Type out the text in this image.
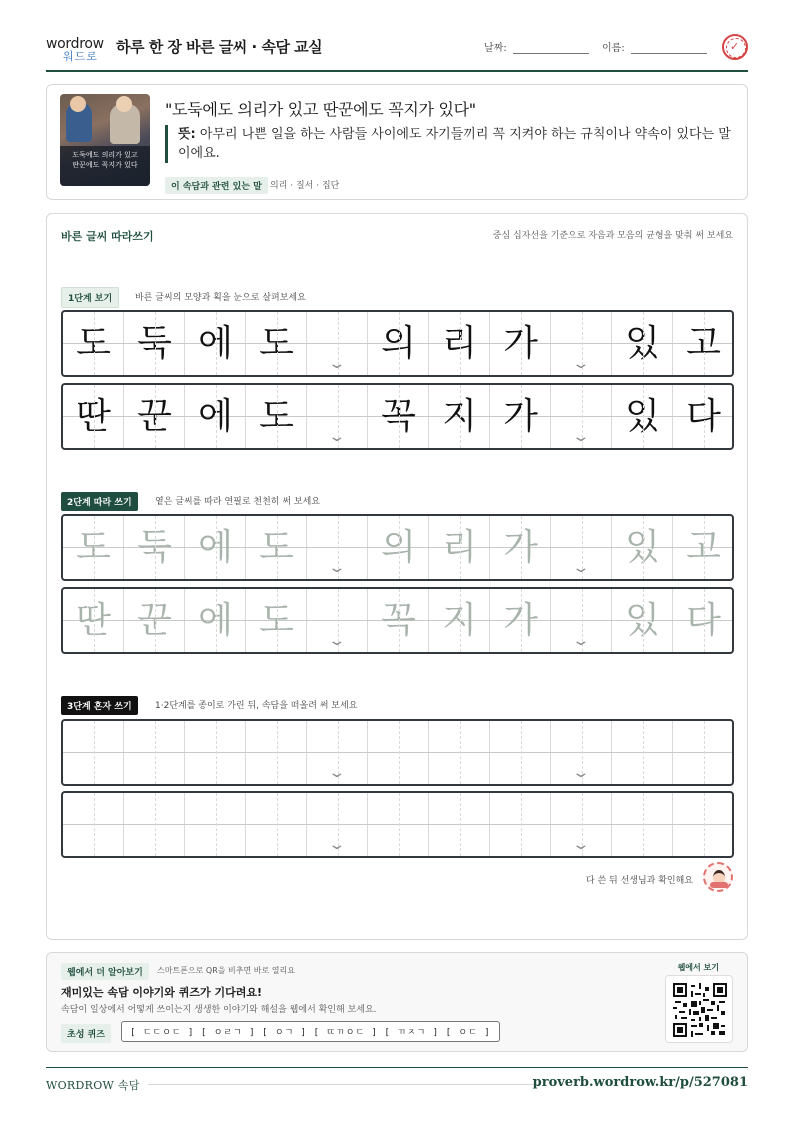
wordrow
워드로
하루 한 장 바른 글씨 · 속담 교실	날짜:	이름:
✓
도둑에도 의리가 있고
딴꾼에도 꼭지가 있다
"도둑에도 의리가 있고 딴꾼에도 꼭지가 있다"
뜻: 아무리 나쁜 일을 하는 사람들 사이에도 자기들끼리 꼭 지켜야 하는 규칙이나 약속이 있다는 말이에요.
이 속담과 관련 있는 말 의리 · 질서 · 집단
바른 글씨 따라쓰기	중심 십자선을 기준으로 자음과 모음의 균형을 맞춰 써 보세요
1단계 보기	바른 글씨의 모양과 획을 눈으로 살펴보세요
도 둑 에 도	의 리 가	있 고
⌄	⌄
딴 꾼 에 도	꼭 지 가	있 다
⌄	⌄
2단계 따라 쓰기	옅은 글씨를 따라 연필로 천천히 써 보세요
도 둑 에 도	의 리 가	있 고
⌄	⌄
딴 꾼 에 도	꼭 지 가	있 다
⌄	⌄
3단계 혼자 쓰기	1·2단계를 종이로 가린 뒤, 속담을 떠올려 써 보세요
⌄	⌄
⌄	⌄
다 쓴 뒤 선생님과 확인해요
웹에서 더 알아보기	스마트폰으로 QR을 비추면 바로 열리요
재미있는 속담 이야기와 퀴즈가 기다려요!
속담이 일상에서 어떻게 쓰이는지 생생한 이야기와 해설을 웹에서 확인해 보세요.
초성 퀴즈	[ ㄷㄷㅇㄷ ] [ ㅇㄹㄱ ] [ ㅇㄱ ] [ ㄸㄲㅇㄷ ] [ ㄲㅈㄱ ] [ ㅇㄷ ]
웹에서 보기
WORDROW 속담	proverb.wordrow.kr/p/527081
